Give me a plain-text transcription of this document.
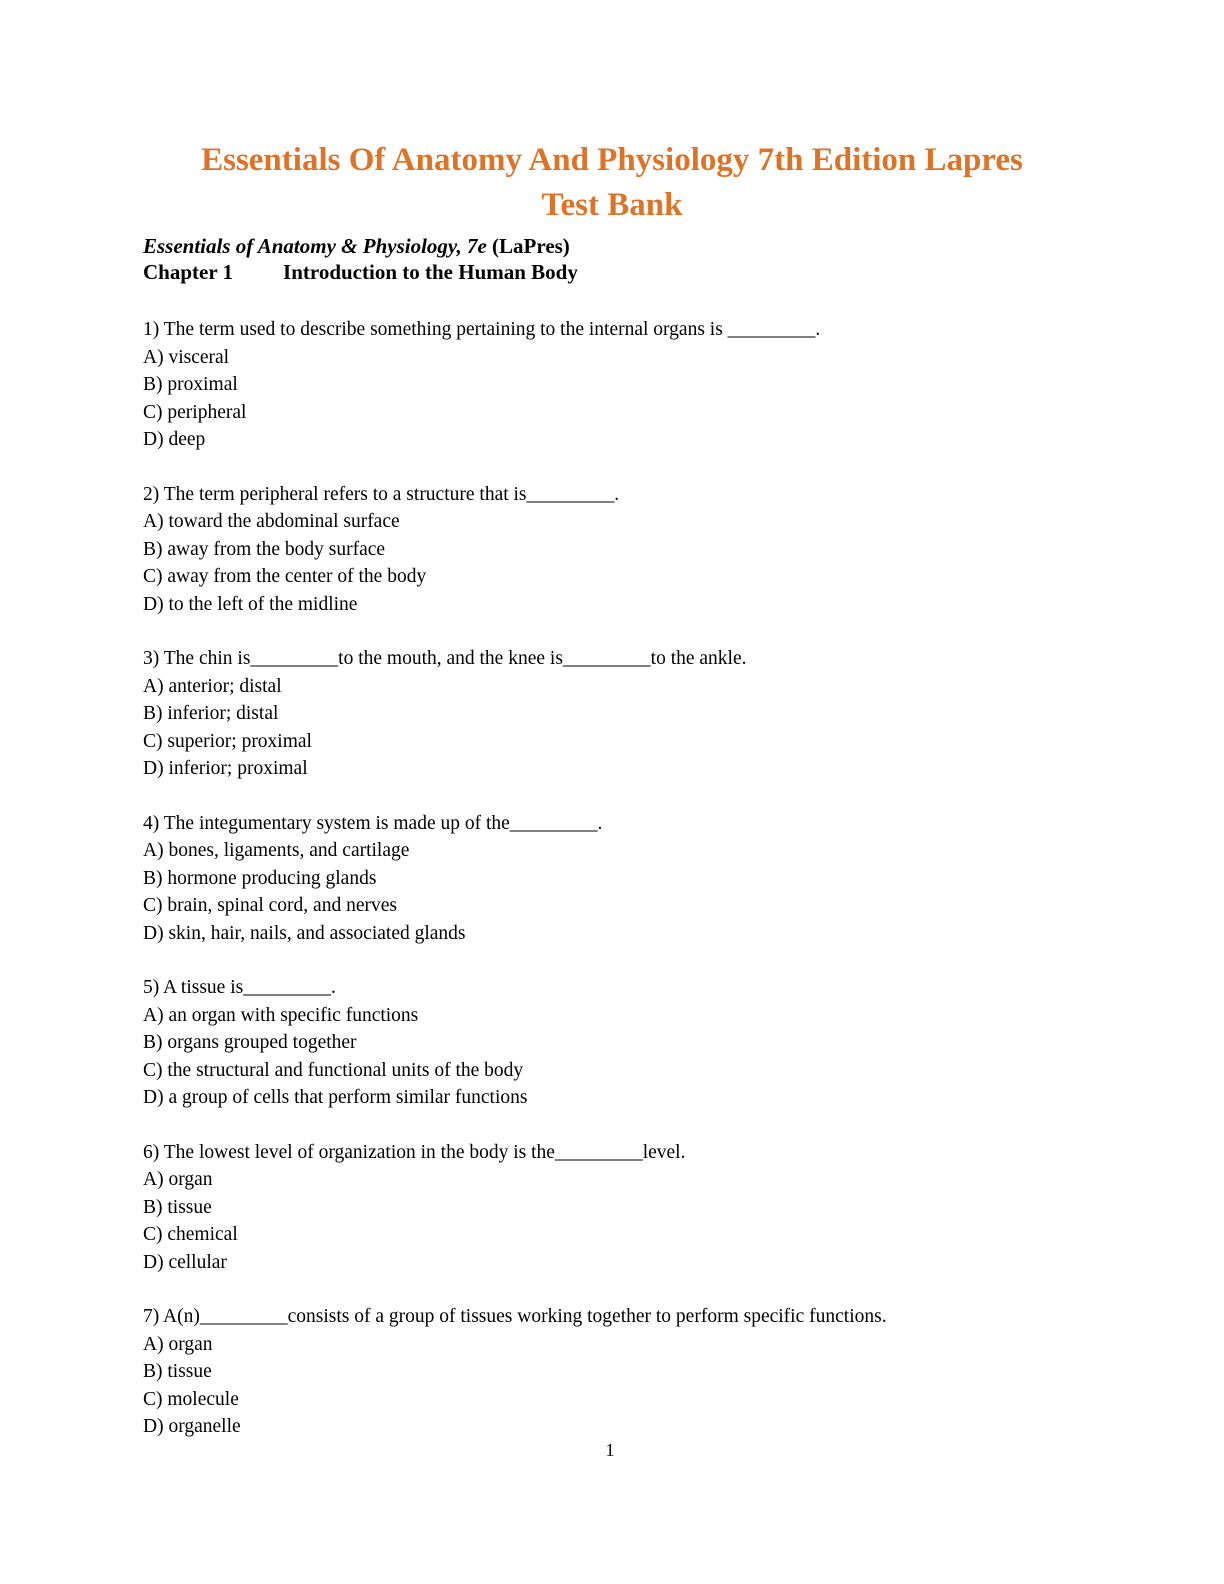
Essentials Of Anatomy And Physiology 7th Edition Lapres
Test Bank
Essentials of Anatomy & Physiology, 7e (LaPres)
Chapter 1 Introduction to the Human Body
1) The term used to describe something pertaining to the internal organs is _________.
A) visceral
B) proximal
C) peripheral
D) deep
2) The term peripheral refers to a structure that is_________.
A) toward the abdominal surface
B) away from the body surface
C) away from the center of the body
D) to the left of the midline
3) The chin is_________to the mouth, and the knee is_________to the ankle.
A) anterior; distal
B) inferior; distal
C) superior; proximal
D) inferior; proximal
4) The integumentary system is made up of the_________.
A) bones, ligaments, and cartilage
B) hormone producing glands
C) brain, spinal cord, and nerves
D) skin, hair, nails, and associated glands
5) A tissue is_________.
A) an organ with specific functions
B) organs grouped together
C) the structural and functional units of the body
D) a group of cells that perform similar functions
6) The lowest level of organization in the body is the_________level.
A) organ
B) tissue
C) chemical
D) cellular
7) A(n)_________consists of a group of tissues working together to perform specific functions.
A) organ
B) tissue
C) molecule
D) organelle
1
